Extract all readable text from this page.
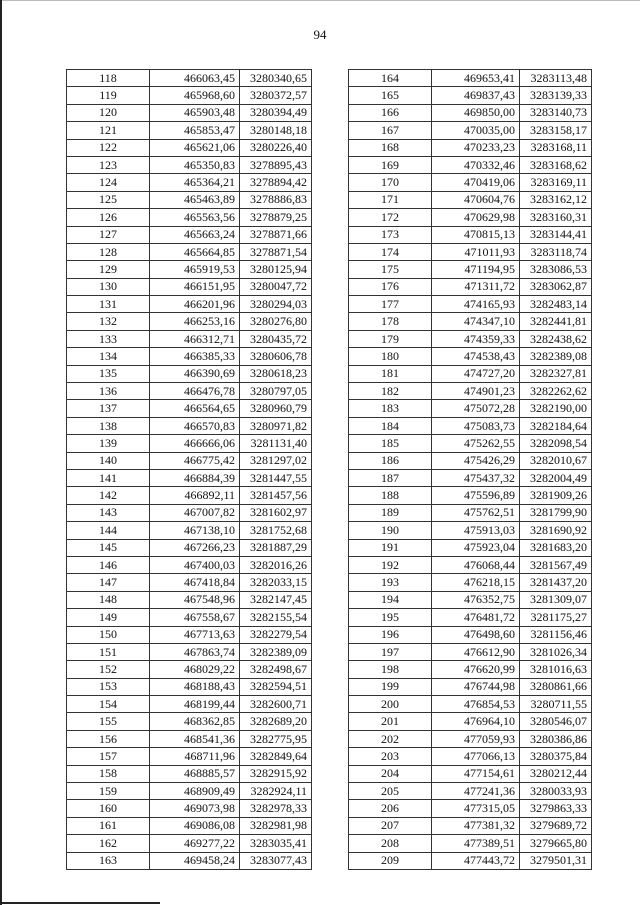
94
118	466063,45	3280340,65
119	465968,60	3280372,57
120	465903,48	3280394,49
121	465853,47	3280148,18
122	465621,06	3280226,40
123	465350,83	3278895,43
124	465364,21	3278894,42
125	465463,89	3278886,83
126	465563,56	3278879,25
127	465663,24	3278871,66
128	465664,85	3278871,54
129	465919,53	3280125,94
130	466151,95	3280047,72
131	466201,96	3280294,03
132	466253,16	3280276,80
133	466312,71	3280435,72
134	466385,33	3280606,78
135	466390,69	3280618,23
136	466476,78	3280797,05
137	466564,65	3280960,79
138	466570,83	3280971,82
139	466666,06	3281131,40
140	466775,42	3281297,02
141	466884,39	3281447,55
142	466892,11	3281457,56
143	467007,82	3281602,97
144	467138,10	3281752,68
145	467266,23	3281887,29
146	467400,03	3282016,26
147	467418,84	3282033,15
148	467548,96	3282147,45
149	467558,67	3282155,54
150	467713,63	3282279,54
151	467863,74	3282389,09
152	468029,22	3282498,67
153	468188,43	3282594,51
154	468199,44	3282600,71
155	468362,85	3282689,20
156	468541,36	3282775,95
157	468711,96	3282849,64
158	468885,57	3282915,92
159	468909,49	3282924,11
160	469073,98	3282978,33
161	469086,08	3282981,98
162	469277,22	3283035,41
163	469458,24	3283077,43
164	469653,41	3283113,48
165	469837,43	3283139,33
166	469850,00	3283140,73
167	470035,00	3283158,17
168	470233,23	3283168,11
169	470332,46	3283168,62
170	470419,06	3283169,11
171	470604,76	3283162,12
172	470629,98	3283160,31
173	470815,13	3283144,41
174	471011,93	3283118,74
175	471194,95	3283086,53
176	471311,72	3283062,87
177	474165,93	3282483,14
178	474347,10	3282441,81
179	474359,33	3282438,62
180	474538,43	3282389,08
181	474727,20	3282327,81
182	474901,23	3282262,62
183	475072,28	3282190,00
184	475083,73	3282184,64
185	475262,55	3282098,54
186	475426,29	3282010,67
187	475437,32	3282004,49
188	475596,89	3281909,26
189	475762,51	3281799,90
190	475913,03	3281690,92
191	475923,04	3281683,20
192	476068,44	3281567,49
193	476218,15	3281437,20
194	476352,75	3281309,07
195	476481,72	3281175,27
196	476498,60	3281156,46
197	476612,90	3281026,34
198	476620,99	3281016,63
199	476744,98	3280861,66
200	476854,53	3280711,55
201	476964,10	3280546,07
202	477059,93	3280386,86
203	477066,13	3280375,84
204	477154,61	3280212,44
205	477241,36	3280033,93
206	477315,05	3279863,33
207	477381,32	3279689,72
208	477389,51	3279665,80
209	477443,72	3279501,31
